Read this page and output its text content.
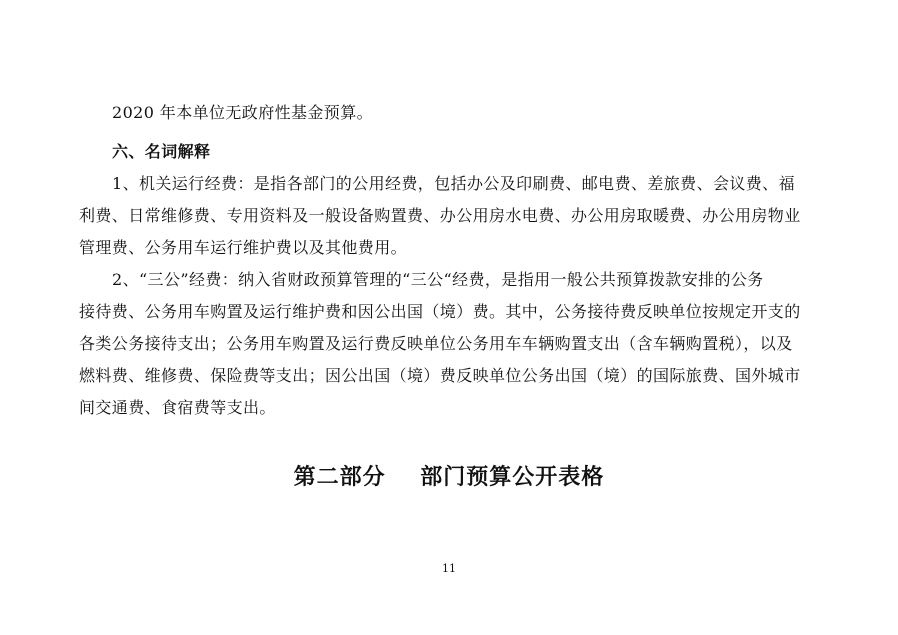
2020 年本单位无政府性基金预算。
六、名词解释
1、机关运行经费：是指各部门的公用经费，包括办公及印刷费、邮电费、差旅费、会议费、福
利费、日常维修费、专用资料及一般设备购置费、办公用房水电费、办公用房取暖费、办公用房物业
管理费、公务用车运行维护费以及其他费用。
2、“三公”经费：纳入省财政预算管理的“三公“经费，是指用一般公共预算拨款安排的公务
接待费、公务用车购置及运行维护费和因公出国（境）费。其中，公务接待费反映单位按规定开支的
各类公务接待支出；公务用车购置及运行费反映单位公务用车车辆购置支出（含车辆购置税），以及
燃料费、维修费、保险费等支出；因公出国（境）费反映单位公务出国（境）的国际旅费、国外城市
间交通费、食宿费等支出。
第二部分    部门预算公开表格
11
